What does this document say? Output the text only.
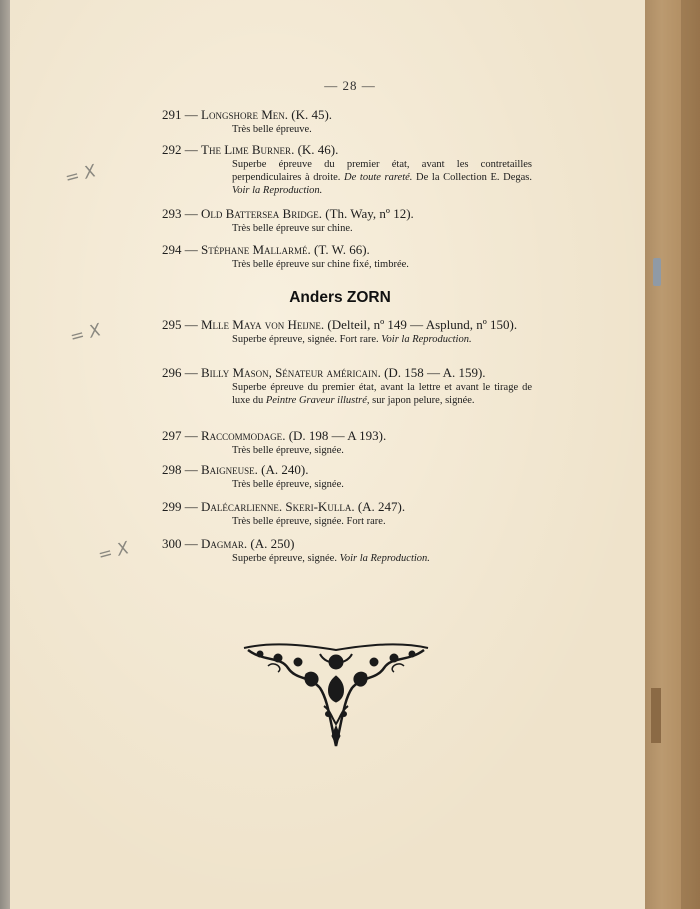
— 28 —
291 — Longshore Men. (K. 45).
Très belle épreuve.
292 — The Lime Burner. (K. 46).
Superbe épreuve du premier état, avant les contretailles perpendiculaires à droite. De toute rareté. De la Collection E. Degas. Voir la Reproduction.
293 — Old Battersea Bridge. (Th. Way, nº 12).
Très belle épreuve sur chine.
294 — Stéphane Mallarmé. (T. W. 66).
Très belle épreuve sur chine fixé, timbrée.
Anders ZORN
295 — Mlle Maya von Heijne. (Delteil, nº 149 — Asplund, nº 150).
Superbe épreuve, signée. Fort rare. Voir la Reproduction.
296 — Billy Mason, Sénateur américain. (D. 158 — A. 159).
Superbe épreuve du premier état, avant la lettre et avant le tirage de luxe du Peintre Graveur illustré, sur japon pelure, signée.
297 — Raccommodage. (D. 198 — A 193).
Très belle épreuve, signée.
298 — Baigneuse. (A. 240).
Très belle épreuve, signée.
299 — Dalécarlienne. Skeri-Kulla. (A. 247).
Très belle épreuve, signée. Fort rare.
300 — Dagmar. (A. 250)
Superbe épreuve, signée. Voir la Reproduction.
= X
= X
= X
